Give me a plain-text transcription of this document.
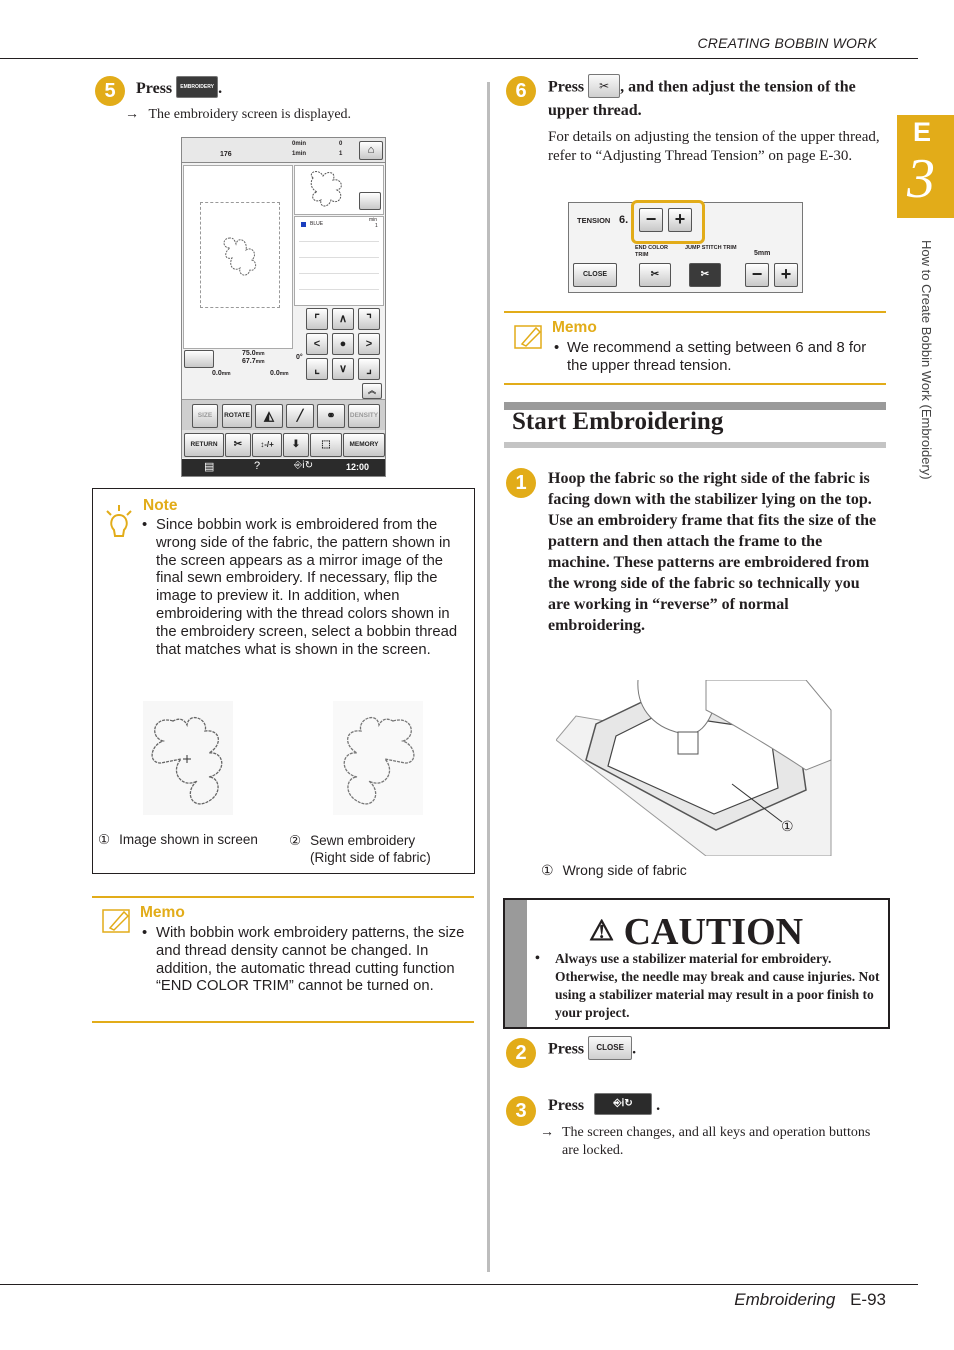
CREATING BOBBIN WORK
E
3
How to Create Bobbin Work (Embroidery)
5	Press	EMBROIDERY .
→ The embroidery screen is displayed.
176
0min
1min
0
1	⌂
BLUE
min
1
⌜	∧	⌝
<	●	>
⌞	∨	⌟
75.0mm
67.7mm
0°
0.0mm	0.0mm
︽
SIZE	ROTATE	◭	╱	⚭	DENSITY
RETURN	✂	↕-/+	⬇	⬚	MEMORY
▤	?	⎆ⅰ↻	12:00
Note
• Since bobbin work is embroidered from the wrong side of the fabric, the pattern shown in the screen appears as a mirror image of the final sewn embroidery. If necessary, flip the image to preview it. In addition, when embroidering with the thread colors shown in the embroidery screen, select a bobbin thread that matches what is shown in the screen.
① Image shown in screen ② Sewn embroidery
(Right side of fabric)
Memo
• With bobbin work embroidery patterns, the size and thread density cannot be changed. In addition, the automatic thread cutting function “END COLOR TRIM” cannot be turned on.
6	Press ✂ , and then adjust the tension of the upper thread.
For details on adjusting the tension of the upper thread, refer to “Adjusting Thread Tension” on page E-30.
TENSION 6. −	+
END COLOR TRIM
JUMP STITCH TRIM
5mm
CLOSE	✂	✂	−	+
Memo
• We recommend a setting between 6 and 8 for the upper thread tension.
Start Embroidering
1	Hoop the fabric so the right side of the fabric is facing down with the stabilizer lying on the top. Use an embroidery frame that fits the size of the pattern and then attach the frame to the machine. These patterns are embroidered from the wrong side of the fabric so technically you are working in “reverse” of normal embroidering.
①
① Wrong side of fabric
⚠ CAUTION
• Always use a stabilizer material for embroidery. Otherwise, the needle may break and cause injuries. Not using a stabilizer material may result in a poor finish to your project.
2	Press CLOSE .
3	Press	⎆ⅰ↻ .
→ The screen changes, and all keys and operation buttons are locked.
Embroidering E-93
